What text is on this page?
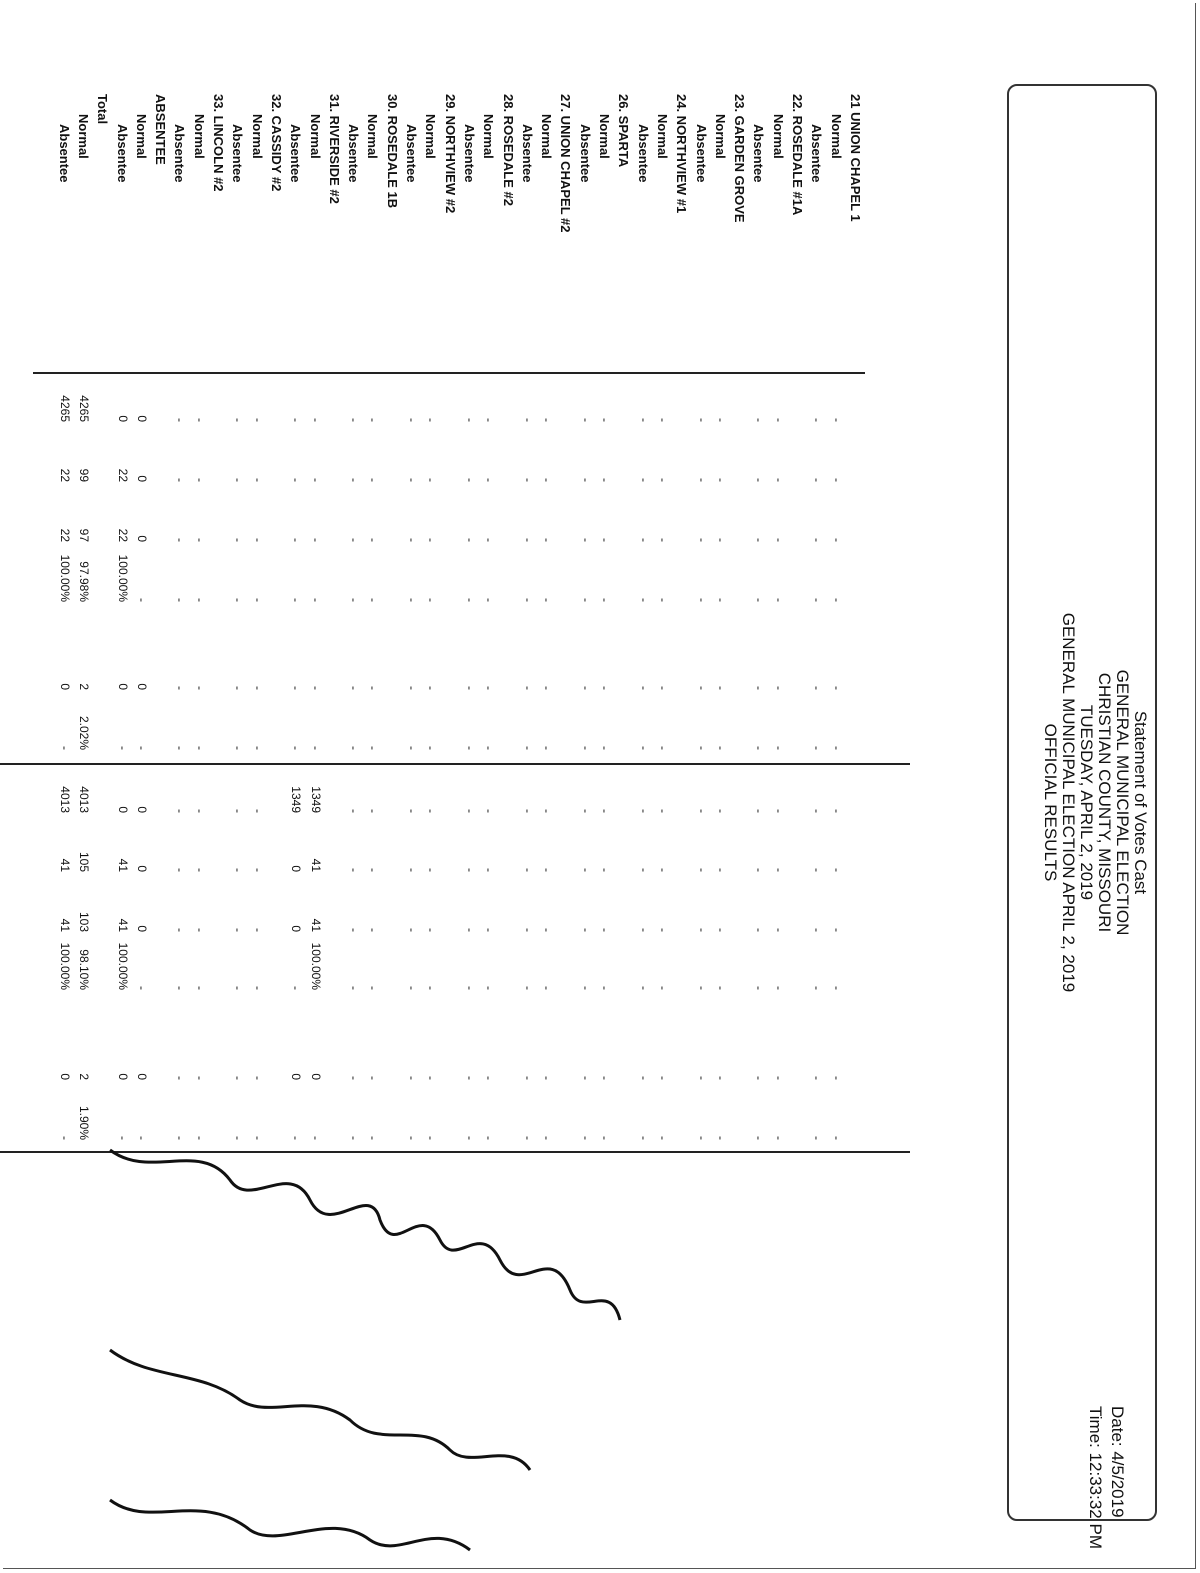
Statement of Votes Cast
GENERAL MUNICIPAL ELECTION
CHRISTIAN COUNTY, MISSOURI
TUESDAY, APRIL 2, 2019
GENERAL MUNICIPAL ELECTION APRIL 2, 2019
OFFICIAL RESULTS
Date: 4/5/2019
Time: 12:33:32 PM
21 UNION CHAPEL 1
Normal
-
-
-
-
-
-
-
-
-
-
-
-
Absentee
-
-
-
-
-
-
-
-
-
-
-
-
22. ROSEDALE #1A
Normal
-
-
-
-
-
-
-
-
-
-
-
-
Absentee
-
-
-
-
-
-
-
-
-
-
-
-
23. GARDEN GROVE
Normal
-
-
-
-
-
-
-
-
-
-
-
-
Absentee
-
-
-
-
-
-
-
-
-
-
-
-
24. NORTHVIEW #1
Normal
-
-
-
-
-
-
-
-
-
-
-
-
Absentee
-
-
-
-
-
-
-
-
-
-
-
-
26. SPARTA
Normal
-
-
-
-
-
-
-
-
-
-
-
-
Absentee
-
-
-
-
-
-
-
-
-
-
-
-
27. UNION CHAPEL #2
Normal
-
-
-
-
-
-
-
-
-
-
-
-
Absentee
-
-
-
-
-
-
-
-
-
-
-
-
28. ROSEDALE #2
Normal
-
-
-
-
-
-
-
-
-
-
-
-
Absentee
-
-
-
-
-
-
-
-
-
-
-
-
29. NORTHVIEW #2
Normal
-
-
-
-
-
-
-
-
-
-
-
-
Absentee
-
-
-
-
-
-
-
-
-
-
-
-
30. ROSEDALE 1B
Normal
-
-
-
-
-
-
-
-
-
-
-
-
Absentee
-
-
-
-
-
-
-
-
-
-
-
-
31. RIVERSIDE #2
Normal
-
-
-
-
-
-
1349
41
41
100.00%
0
-
Absentee
-
-
-
-
-
-
1349
0
0
-
0
-
32. CASSIDY #2
Normal
-
-
-
-
-
-
-
-
-
-
-
-
Absentee
-
-
-
-
-
-
-
-
-
-
-
-
33. LINCOLN #2
Normal
-
-
-
-
-
-
-
-
-
-
-
-
Absentee
-
-
-
-
-
-
-
-
-
-
-
-
ABSENTEE
Normal
0
0
0
-
0
-
0
0
0
-
0
-
Absentee
0
22
22
100.00%
0
-
0
41
41
100.00%
0
-
Total
Normal
4265
99
97
97.98%
2
2.02%
4013
105
103
98.10%
2
1.90%
Absentee
4265
22
22
100.00%
0
-
4013
41
41
100.00%
0
-
